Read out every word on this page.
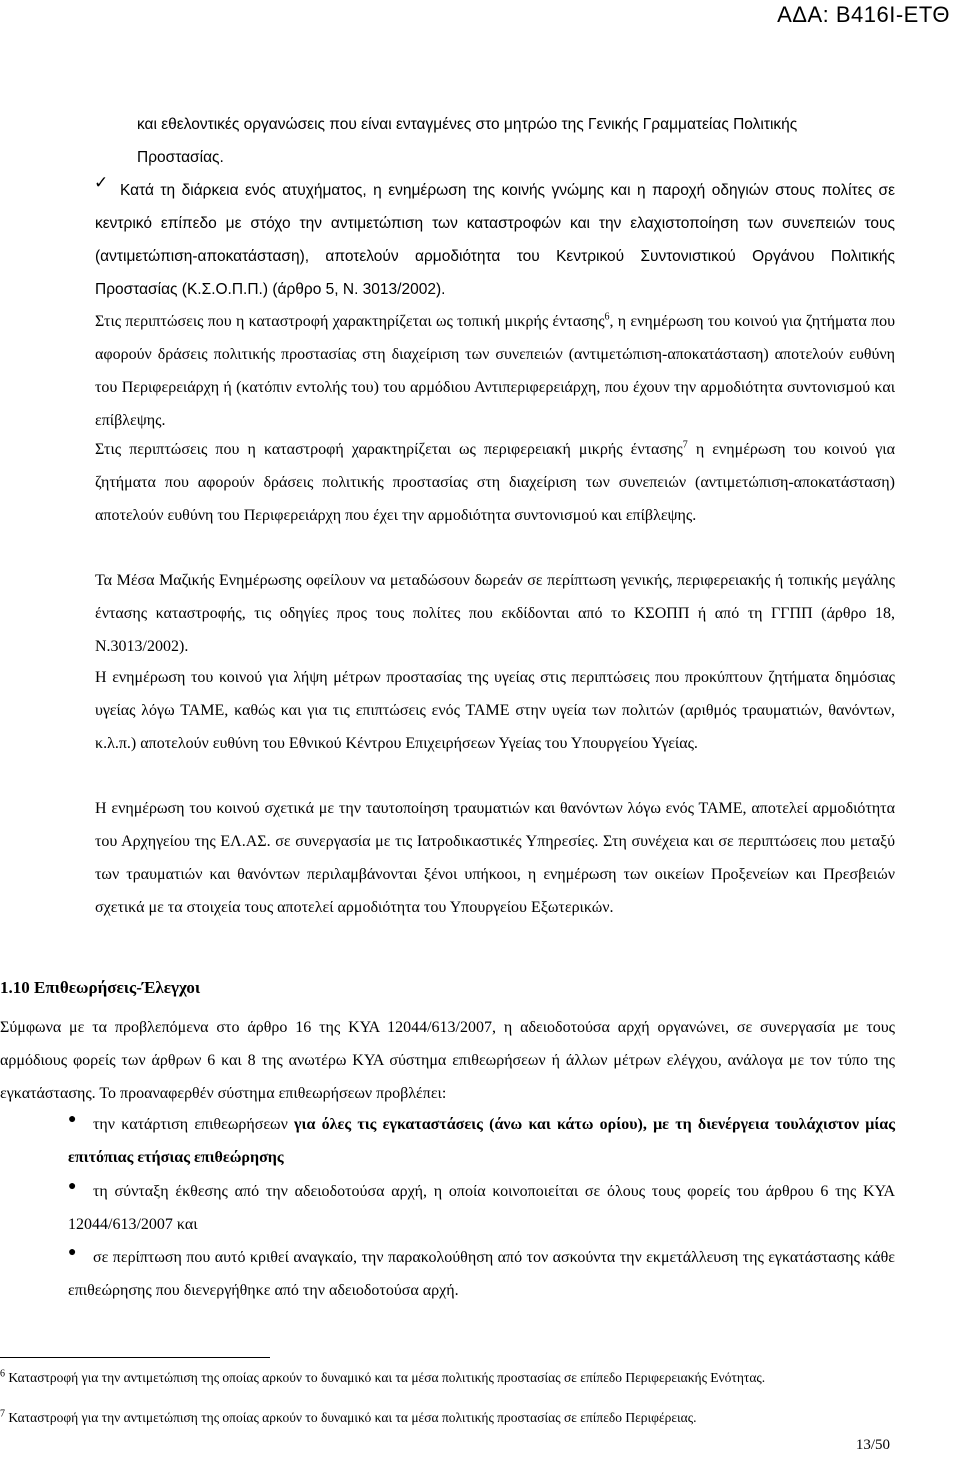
ΑΔΑ: Β416Ι-ΕΤΘ
και εθελοντικές οργανώσεις που είναι ενταγμένες στο μητρώο της Γενικής Γραμματείας Πολιτικής
Προστασίας.
✓ Κατά τη διάρκεια ενός ατυχήματος, η ενημέρωση της κοινής γνώμης και η παροχή οδηγιών στους πολίτες σε κεντρικό επίπεδο με στόχο την αντιμετώπιση των καταστροφών και την ελαχιστοποίηση των συνεπειών τους (αντιμετώπιση-αποκατάσταση), αποτελούν αρμοδιότητα του Κεντρικού Συντονιστικού Οργάνου Πολιτικής Προστασίας (Κ.Σ.Ο.Π.Π.) (άρθρο 5, Ν. 3013/2002).

Στις περιπτώσεις που η καταστροφή χαρακτηρίζεται ως τοπική μικρής έντασης$^6$, η ενημέρωση του κοινού για ζητήματα που αφορούν δράσεις πολιτικής προστασίας στη διαχείριση των συνεπειών (αντιμετώπιση-αποκατάσταση) αποτελούν ευθύνη του Περιφερειάρχη ή (κατόπιν εντολής του) του αρμόδιου Αντιπεριφερειάρχη, που έχουν την αρμοδιότητα συντονισμού και επίβλεψης.

Στις περιπτώσεις που η καταστροφή χαρακτηρίζεται ως περιφερειακή μικρής έντασης$^7$ η ενημέρωση του κοινού για ζητήματα που αφορούν δράσεις πολιτικής προστασίας στη διαχείριση των συνεπειών (αντιμετώπιση-αποκατάσταση) αποτελούν ευθύνη του Περιφερειάρχη που έχει την αρμοδιότητα συντονισμού και επίβλεψης.

Τα Μέσα Μαζικής Ενημέρωσης οφείλουν να μεταδώσουν δωρεάν σε περίπτωση γενικής, περιφερειακής ή τοπικής μεγάλης έντασης καταστροφής, τις οδηγίες προς τους πολίτες που εκδίδονται από το ΚΣΟΠΠ ή από τη ΓΓΠΠ (άρθρο 18, Ν.3013/2002).

Η ενημέρωση του κοινού για λήψη μέτρων προστασίας της υγείας στις περιπτώσεις που προκύπτουν ζητήματα δημόσιας υγείας λόγω ΤΑΜΕ, καθώς και για τις επιπτώσεις ενός ΤΑΜΕ στην υγεία των πολιτών (αριθμός τραυματιών, θανόντων, κ.λ.π.) αποτελούν ευθύνη του Εθνικού Κέντρου Επιχειρήσεων Υγείας του Υπουργείου Υγείας.

Η ενημέρωση του κοινού σχετικά με την ταυτοποίηση τραυματιών και θανόντων λόγω ενός ΤΑΜΕ, αποτελεί αρμοδιότητα του Αρχηγείου της ΕΛ.ΑΣ. σε συνεργασία με τις Ιατροδικαστικές Υπηρεσίες. Στη συνέχεια και σε περιπτώσεις που μεταξύ των τραυματιών και θανόντων περιλαμβάνονται ξένοι υπήκοοι, η ενημέρωση των οικείων Προξενείων και Πρεσβειών σχετικά με τα στοιχεία τους αποτελεί αρμοδιότητα του Υπουργείου Εξωτερικών.

1.10 Επιθεωρήσεις-Έλεγχοι

Σύμφωνα με τα προβλεπόμενα στο άρθρο 16 της ΚΥΑ 12044/613/2007, η αδειοδοτούσα αρχή οργανώνει, σε συνεργασία με τους αρμόδιους φορείς των άρθρων 6 και 8 της ανωτέρω ΚΥΑ σύστημα επιθεωρήσεων ή άλλων μέτρων ελέγχου, ανάλογα με τον τύπο της εγκατάστασης. Το προαναφερθέν σύστημα επιθεωρήσεων προβλέπει:

●	την κατάρτιση επιθεωρήσεων για όλες τις εγκαταστάσεις (άνω και κάτω ορίου), με τη διενέργεια τουλάχιστον μίας επιτόπιας ετήσιας επιθεώρησης

●	τη σύνταξη έκθεσης από την αδειοδοτούσα αρχή, η οποία κοινοποιείται σε όλους τους φορείς του άρθρου 6 της ΚΥΑ 12044/613/2007 και

●	σε περίπτωση που αυτό κριθεί αναγκαίο, την παρακολούθηση από τον ασκούντα την εκμετάλλευση της εγκατάστασης κάθε επιθεώρησης που διενεργήθηκε από την αδειοδοτούσα αρχή.

$^6$ Καταστροφή για την αντιμετώπιση της οποίας αρκούν το δυναμικό και τα μέσα πολιτικής προστασίας σε επίπεδο Περιφερειακής Ενότητας.
$^7$ Καταστροφή για την αντιμετώπιση της οποίας αρκούν το δυναμικό και τα μέσα πολιτικής προστασίας σε επίπεδο Περιφέρειας.
13/50
